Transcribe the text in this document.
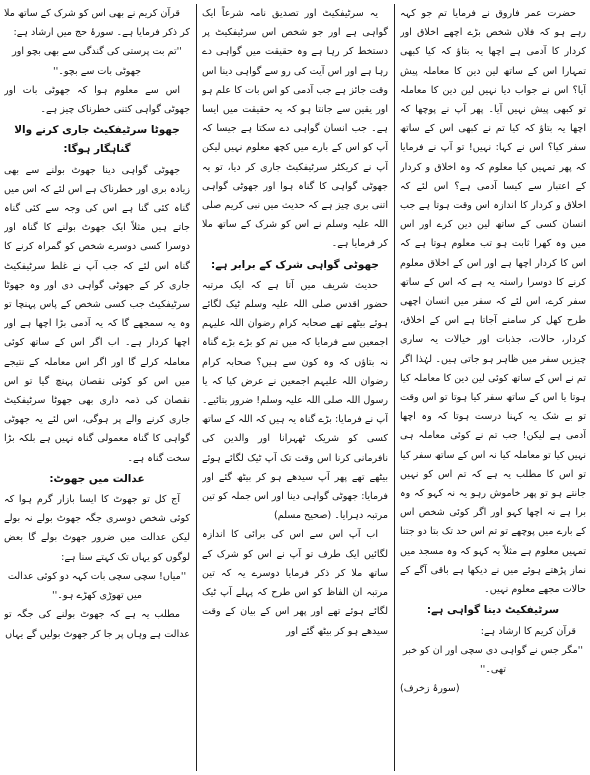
حضرت عمر فاروق نے فرمایا تم جو کہہ رہے ہو کہ فلاں شخص بڑے اچھے اخلاق اور کردار کا آدمی ہے اچھا یہ بتاؤ کہ کیا کبھی تمہارا اس کے ساتھ لین دین کا معاملہ پیش آیا؟ اس نے جواب دیا نہیں لین دین کا معاملہ تو کبھی پیش نہیں آیا۔ پھر آپ نے پوچھا کہ اچھا یہ بتاؤ کہ کیا تم نے کبھی اس کے ساتھ سفر کیا؟ اس نے کہا: نہیں! تو آپ نے فرمایا کہ پھر تمہیں کیا معلوم کہ وہ اخلاق و کردار کے اعتبار سے کیسا آدمی ہے؟ اس لئے کہ اخلاق و کردار کا اندازہ اس وقت ہوتا ہے جب انسان کسی کے ساتھ لین دین کرے اور اس میں وہ کھرا ثابت ہو تب معلوم ہوتا ہے کہ اس کا کردار اچھا ہے اور اس کے اخلاق معلوم کرنے کا دوسرا راستہ یہ ہے کہ اس کے ساتھ سفر کرے، اس لئے کہ سفر میں انسان اچھی طرح کھل کر سامنے آجاتا ہے اس کے اخلاق، کردار، حالات، جذبات اور خیالات یہ ساری چیزیں سفر میں ظاہر ہو جاتی ہیں۔ لہٰذا اگر تم نے اس کے ساتھ کوئی لین دین کا معاملہ کیا ہوتا یا اس کے ساتھ سفر کیا ہوتا تو اس وقت تو بے شک یہ کہنا درست ہوتا کہ وہ اچھا آدمی ہے لیکن! جب تم نے کوئی معاملہ ہی نہیں کیا تو معاملہ کیا نہ اس کے ساتھ سفر کیا تو اس کا مطلب یہ ہے کہ تم اس کو نہیں جانتے ہو تو پھر خاموش رہو یہ نہ کہو کہ وہ برا ہے نہ اچھا کہو اور اگر کوئی شخص اس کے بارے میں پوچھے تو تم اس حد تک بتا دو جتنا تمہیں معلوم ہے مثلاً یہ کہو کہ وہ مسجد میں نماز پڑھتے ہوئے میں نے دیکھا ہے باقی آگے کے حالات مجھے معلوم نہیں۔

سرٹیفکیٹ دینا گواہی ہے:

قرآن کریم کا ارشاد ہے:

''مگر جس نے گواہی دی سچی اور ان کو خبر تھی۔''

(سورۂ زخرف)

یہ سرٹیفکیٹ اور تصدیق نامہ شرعاً ایک گواہی ہے اور جو شخص اس سرٹیفکیٹ پر دستخط کر رہا ہے وہ حقیقت میں گواہی دے رہا ہے اور اس آیت کی رو سے گواہی دینا اس وقت جائز ہے جب آدمی کو اس بات کا علم ہو اور یقین سے جانتا ہو کہ یہ حقیقت میں ایسا ہے۔ جب انسان گواہی دے سکتا ہے جیسا کہ آپ کو اس کے بارے میں کچھ معلوم نہیں لیکن آپ نے کریکٹر سرٹیفکیٹ جاری کر دیا، تو یہ جھوٹی گواہی کا گناہ ہوا اور جھوٹی گواہی اتنی بری چیز ہے کہ حدیث میں نبی کریم صلی اللہ علیہ وسلم نے اس کو شرک کے ساتھ ملا کر فرمایا ہے۔

جھوٹی گواہی شرک کے برابر ہے:

حدیث شریف میں آتا ہے کہ ایک مرتبہ حضور اقدس صلی اللہ علیہ وسلم ٹیک لگائے ہوئے بیٹھے تھے صحابہ کرام رضوان اللہ علیہم اجمعین سے فرمایا کہ میں تم کو بڑے بڑے گناہ نہ بتاؤں کہ وہ کون سے ہیں؟ صحابہ کرام رضوان اللہ علیہم اجمعین نے عرض کیا کہ یا رسول اللہ صلی اللہ علیہ وسلم! ضرور بتائیے۔ آپ نے فرمایا: بڑے گناہ یہ ہیں کہ اللہ کے ساتھ کسی کو شریک ٹھہرانا اور والدین کی نافرمانی کرنا اس وقت تک آپ ٹیک لگائے ہوئے بیٹھے تھے پھر آپ سیدھے ہو کر بیٹھ گئے اور فرمایا: جھوٹی گواہی دینا اور اس جملہ کو تین مرتبہ دہرایا۔ (صحیح مسلم)

اب آپ اس سے اس کی برائی کا اندازہ لگائیں ایک طرف تو آپ نے اس کو شرک کے ساتھ ملا کر ذکر فرمایا دوسرے یہ کہ تین مرتبہ ان الفاظ کو اس طرح کہ پہلے آپ ٹیک لگائے ہوئے تھے اور پھر اس کے بیان کے وقت سیدھے ہو کر بیٹھ گئے اور

قرآن کریم نے بھی اس کو شرک کے ساتھ ملا کر ذکر فرمایا ہے۔ سورۂ حج میں ارشاد ہے:

''تم بت پرستی کی گندگی سے بھی بچو اور جھوٹی بات سے بچو۔''

اس سے معلوم ہوا کہ جھوٹی بات اور جھوٹی گواہی کتنی خطرناک چیز ہے۔

جھوٹا سرٹیفکیٹ جاری کرنے والا گناہگار ہوگا:

جھوٹی گواہی دینا جھوٹ بولنے سے بھی زیادہ بری اور خطرناک ہے اس لئے کہ اس میں گناہ کئی گنا ہے اس کی وجہ سے کئی گناہ جاتے ہیں مثلاً ایک جھوٹ بولنے کا گناہ اور دوسرا کسی دوسرے شخص کو گمراہ کرنے کا گناہ اس لئے کہ جب آپ نے غلط سرٹیفکیٹ جاری کر کے جھوٹی گواہی دی اور وہ جھوٹا سرٹیفکیٹ جب کسی شخص کے پاس پہنچا تو وہ یہ سمجھے گا کہ یہ آدمی بڑا اچھا ہے اور اچھا کردار ہے۔ اب اگر اس کے ساتھ کوئی معاملہ کرلے گا اور اگر اس معاملہ کے نتیجے میں اس کو کوئی نقصان پہنچ گیا تو اس نقصان کی ذمہ داری بھی جھوٹا سرٹیفکیٹ جاری کرنے والے پر ہوگی، اس لئے یہ جھوٹی گواہی کا گناہ معمولی گناہ نہیں ہے بلکہ بڑا سخت گناہ ہے۔

عدالت میں جھوٹ:

آج کل تو جھوٹ کا ایسا بازار گرم ہوا کہ کوئی شخص دوسری جگہ جھوٹ بولے نہ بولے لیکن عدالت میں ضرور جھوٹ بولے گا بعض لوگوں کو یہاں تک کہتے سنا ہے:

''میاں! سچی سچی بات کہہ دو کوئی عدالت میں تھوڑی کھڑے ہو۔''

مطلب یہ ہے کہ جھوٹ بولنے کی جگہ تو عدالت ہے وہاں پر جا کر جھوٹ بولیں گے یہاں
